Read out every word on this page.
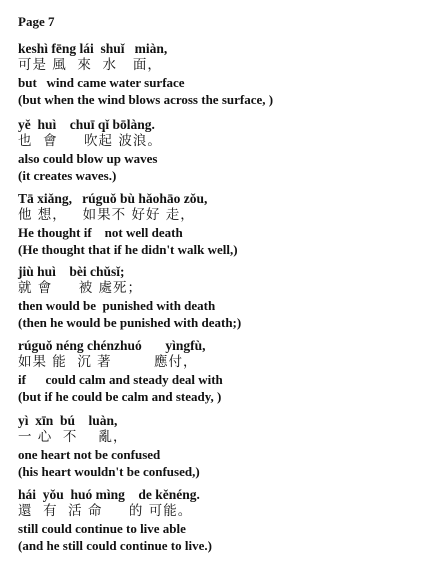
Page 7
keshì fēng lái  shuǐ   miàn,
可是 風  來  水   面，
but   wind came water surface
(but when the wind blows across the surface, )
yě  huì    chuī qǐ bōlàng.
也  會     吹起 波浪。
also could blow up waves
(it creates waves.)
Tā xiǎng,   rúguǒ bù hǎohāo zǒu,
他 想，   如果不 好好 走，
He thought if    not well death
(He thought that if he didn't walk well,)
jiù huì    bèi chǔsǐ;
就 會     被 處死；
then would be  punished with death
(then he would be punished with death;)
rúguǒ néng chénzhuó       yìngfù,
如果 能  沉 著        應付，
if      could calm and steady deal with
(but if he could be calm and steady, )
yì  xīn  bú    luàn,
一 心  不    亂，
one heart not be confused
(his heart wouldn't be confused,)
hái  yǒu  huó mìng    de kěnéng.
還  有  活 命     的 可能。
still could continue to live able
(and he still could continue to live.)
